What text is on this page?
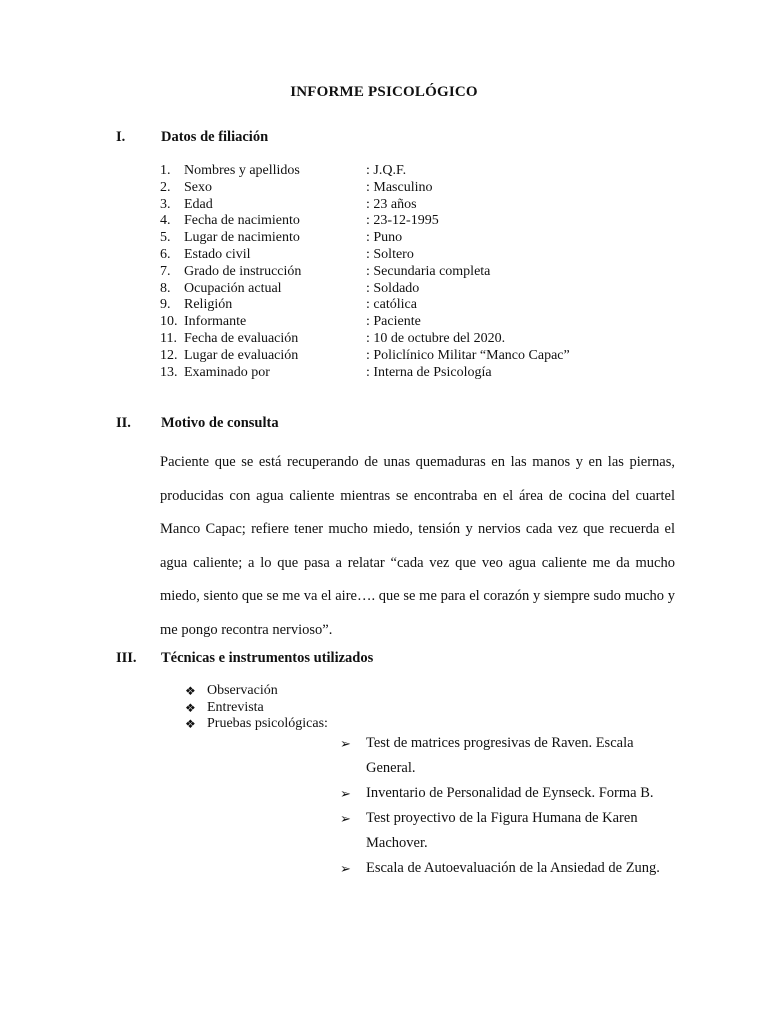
INFORME PSICOLÓGICO
I. Datos de filiación
1. Nombres y apellidos	: J.Q.F.
2. Sexo	: Masculino
3. Edad	: 23 años
4. Fecha de nacimiento	: 23-12-1995
5. Lugar de nacimiento	: Puno
6. Estado civil	: Soltero
7. Grado de instrucción	: Secundaria completa
8. Ocupación actual	: Soldado
9. Religión	: católica
10. Informante	: Paciente
11. Fecha de evaluación	: 10 de octubre del 2020.
12. Lugar de evaluación	: Policlínico Militar “Manco Capac”
13. Examinado por	: Interna de Psicología
II. Motivo de consulta
Paciente que se está recuperando de unas quemaduras en las manos y en las piernas, producidas con agua caliente mientras se encontraba en el área de cocina del cuartel Manco Capac; refiere tener mucho miedo, tensión y nervios cada vez que recuerda el agua caliente; a lo que pasa a relatar “cada vez que veo agua caliente me da mucho miedo, siento que se me va el aire…. que se me para el corazón y siempre sudo mucho y me pongo recontra nervioso”.
III. Técnicas e instrumentos utilizados
❖ Observación
❖ Entrevista
❖ Pruebas psicológicas:
➢	Test de matrices progresivas de Raven. Escala General.
➢	Inventario de Personalidad de Eynseck. Forma B.
➢	Test proyectivo de la Figura Humana de Karen Machover.
➢	Escala de Autoevaluación de la Ansiedad de Zung.
